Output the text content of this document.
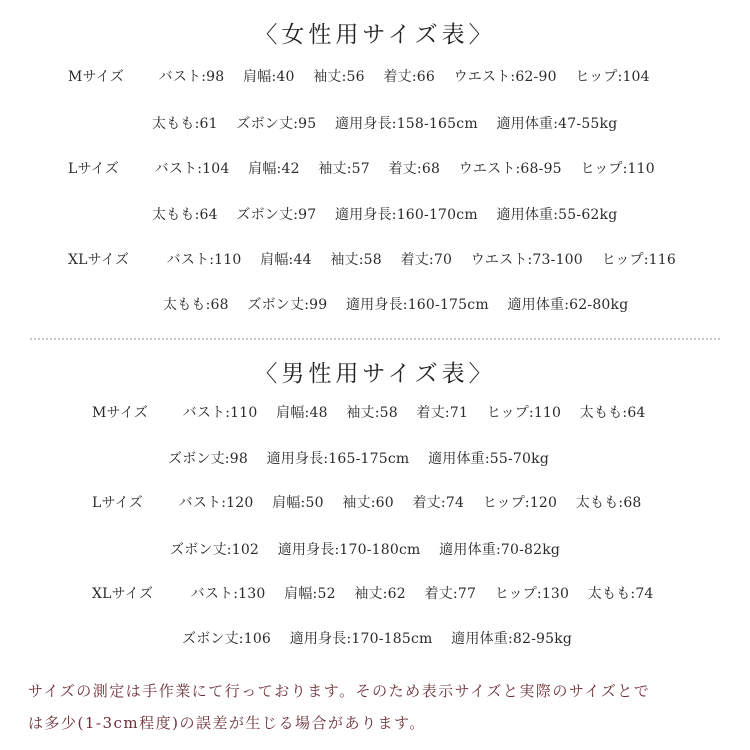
〈女性用サイズ表〉
Mサイズ バスト:98 肩幅:40 袖丈:56 着丈:66 ウエスト:62-90 ヒップ:104
太もも:61 ズボン丈:95 適用身長:158-165cm 適用体重:47-55kg
Lサイズ	バスト:104 肩幅:42 袖丈:57 着丈:68 ウエスト:68-95 ヒップ:110
太もも:64 ズボン丈:97 適用身長:160-170cm 適用体重:55-62kg
XLサイズ	バスト:110 肩幅:44 袖丈:58 着丈:70 ウエスト:73-100 ヒップ:116
太もも:68 ズボン丈:99 適用身長:160-175cm 適用体重:62-80kg
〈男性用サイズ表〉
Mサイズ バスト:110 肩幅:48 袖丈:58 着丈:71 ヒップ:110 太もも:64
ズボン丈:98 適用身長:165-175cm 適用体重:55-70kg
Lサイズ	バスト:120 肩幅:50 袖丈:60 着丈:74 ヒップ:120 太もも:68
ズボン丈:102 適用身長:170-180cm 適用体重:70-82kg
XLサイズ	バスト:130 肩幅:52 袖丈:62 着丈:77 ヒップ:130 太もも:74
ズボン丈:106 適用身長:170-185cm 適用体重:82-95kg
サイズの測定は手作業にて行っております。そのため表示サイズと実際のサイズとで
は多少(1-3cm程度)の誤差が生じる場合があります。
